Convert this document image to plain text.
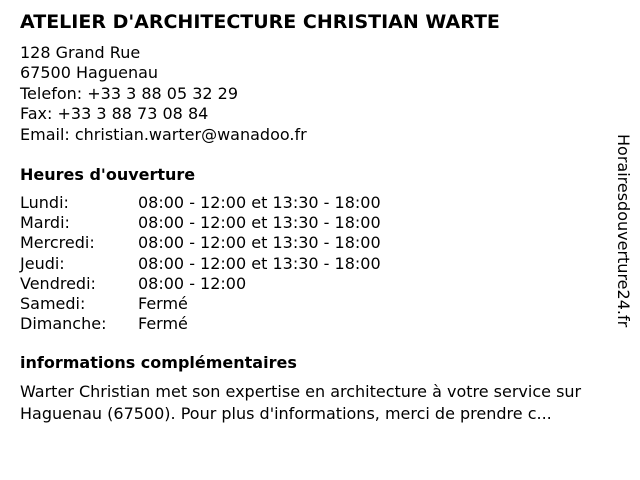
ATELIER D'ARCHITECTURE CHRISTIAN WARTE
128 Grand Rue
67500 Haguenau
Telefon: +33 3 88 05 32 29
Fax: +33 3 88 73 08 84
Email: christian.warter@wanadoo.fr
Heures d'ouverture
Lundi:	08:00 - 12:00 et 13:30 - 18:00
Mardi:	08:00 - 12:00 et 13:30 - 18:00
Mercredi:	08:00 - 12:00 et 13:30 - 18:00
Jeudi:	08:00 - 12:00 et 13:30 - 18:00
Vendredi:	08:00 - 12:00
Samedi:	Fermé
Dimanche:	Fermé
informations complémentaires
Warter Christian met son expertise en architecture à votre service sur Haguenau (67500). Pour plus d'informations, merci de prendre c...
Horairesdouverture24.fr
